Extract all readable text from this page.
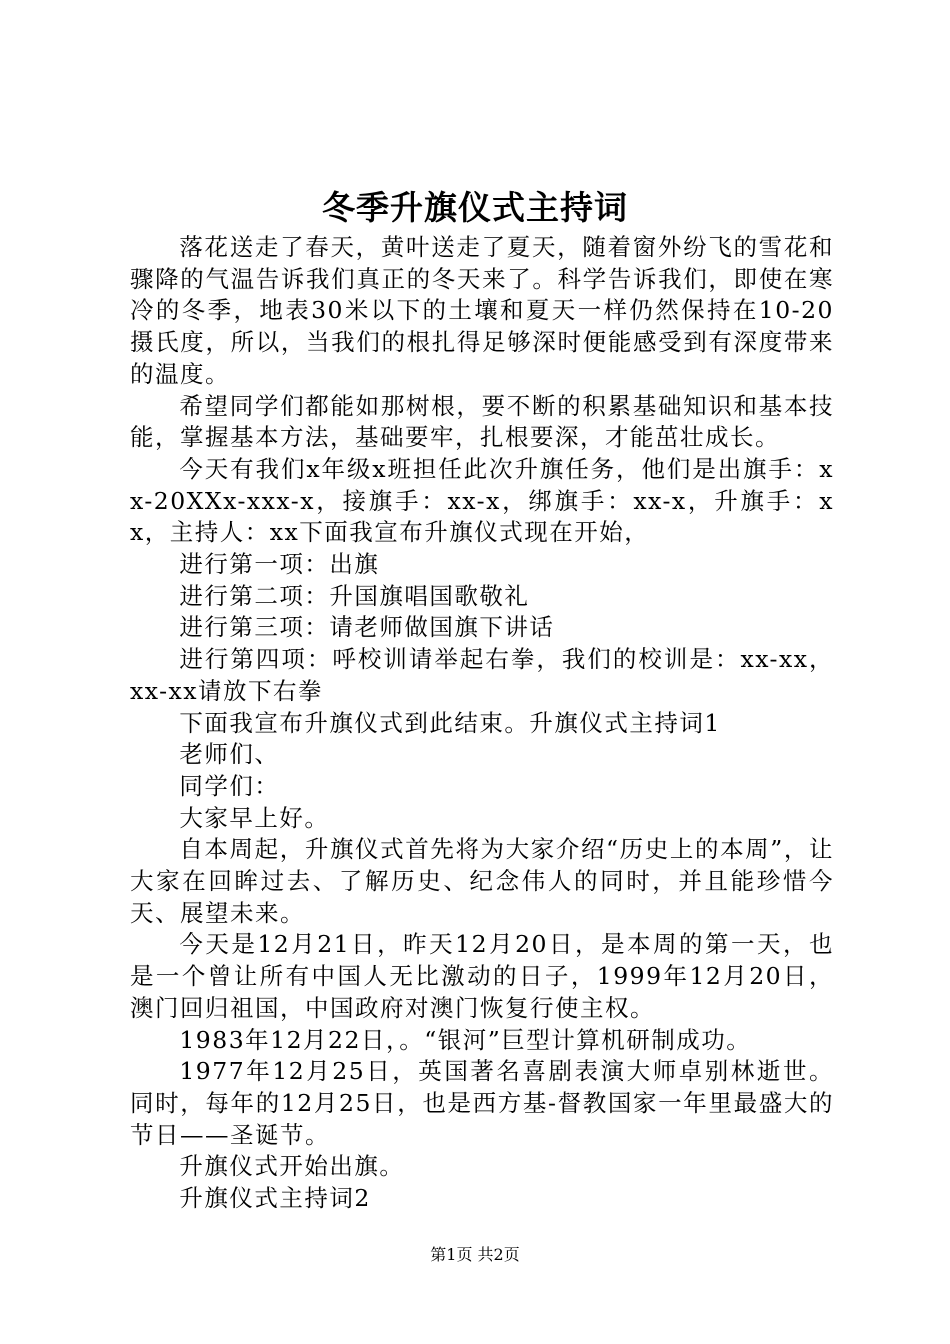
冬季升旗仪式主持词

落花送走了春天，黄叶送走了夏天，随着窗外纷飞的雪花和骤降的气温告诉我们真正的冬天来了。科学告诉我们，即使在寒冷的冬季，地表30米以下的土壤和夏天一样仍然保持在10-20摄氏度，所以，当我们的根扎得足够深时便能感受到有深度带来的温度。

希望同学们都能如那树根，要不断的积累基础知识和基本技能，掌握基本方法，基础要牢，扎根要深，才能茁壮成长。

今天有我们x年级x班担任此次升旗任务，他们是出旗手：xx-20XXx-xxx-x，接旗手：xx-x，绑旗手：xx-x，升旗手：xx，主持人：xx下面我宣布升旗仪式现在开始，

进行第一项：出旗

进行第二项：升国旗唱国歌敬礼

进行第三项：请老师做国旗下讲话

进行第四项：呼校训请举起右拳，我们的校训是：xx-xx，xx-xx请放下右拳

下面我宣布升旗仪式到此结束。升旗仪式主持词1

老师们、

同学们：

大家早上好。

自本周起，升旗仪式首先将为大家介绍“历史上的本周”，让大家在回眸过去、了解历史、纪念伟人的同时，并且能珍惜今天、展望未来。

今天是12月21日，昨天12月20日，是本周的第一天，也是一个曾让所有中国人无比激动的日子，1999年12月20日，澳门回归祖国，中国政府对澳门恢复行使主权。

1983年12月22日，。“银河”巨型计算机研制成功。

1977年12月25日，英国著名喜剧表演大师卓别林逝世。同时，每年的12月25日，也是西方基-督教国家一年里最盛大的节日——圣诞节。

升旗仪式开始出旗。

升旗仪式主持词2

第1页 共2页
